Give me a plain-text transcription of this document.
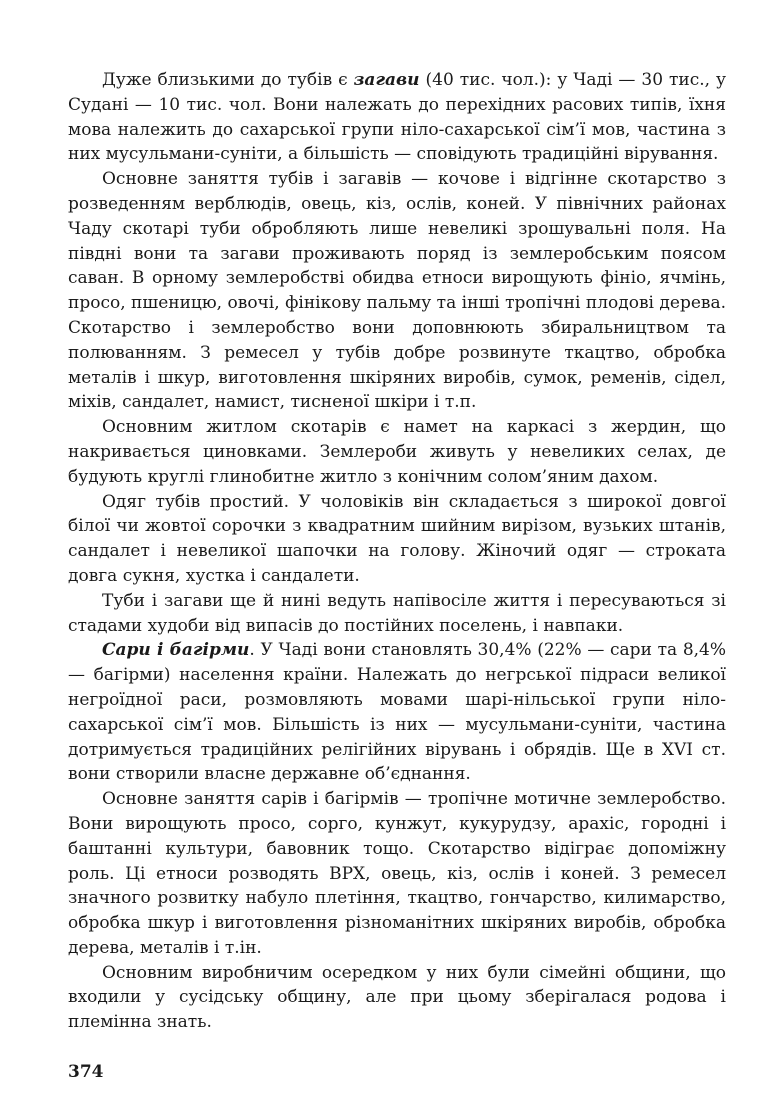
Дуже близькими до тубів є загави (40 тис. чол.): у Чаді — 30 тис., у Судані — 10 тис. чол. Вони належать до перехідних расових типів, їхня мова належить до сахарської групи ніло-сахарської сім’ї мов, частина з них мусульмани-суніти, а більшість — сповідують традиційні вірування.

Основне заняття тубів і загавів — кочове і відгінне скотарство з розведенням верблюдів, овець, кіз, ослів, коней. У північних районах Чаду скотарі туби обробляють лише невеликі зрошувальні поля. На півдні вони та загави проживають поряд із землеробським поясом саван. В орному землеробстві обидва етноси вирощують фініо, ячмінь, просо, пшеницю, овочі, фінікову пальму та інші тропічні плодові дерева. Скотарство і землеробство вони доповнюють збиральництвом та полюванням. З ремесел у тубів добре розвинуте ткацтво, обробка металів і шкур, виготовлення шкіряних виробів, сумок, ременів, сідел, міхів, сандалет, намист, тисненої шкіри і т.п.

Основним житлом скотарів є намет на каркасі з жердин, що накривається циновками. Землероби живуть у невеликих селах, де будують круглі глинобитне житло з конічним солом’яним дахом.

Одяг тубів простий. У чоловіків він складається з широкої довгої білої чи жовтої сорочки з квадратним шийним вирізом, вузьких штанів, сандалет і невеликої шапочки на голову. Жіночий одяг — строката довга сукня, хустка і сандалети.

Туби і загави ще й нині ведуть напівосіле життя і пересуваються зі стадами худоби від випасів до постійних поселень, і навпаки.

Сари і багірми. У Чаді вони становлять 30,4% (22% — сари та 8,4% — багірми) населення країни. Належать до негрської підраси великої негроїдної раси, розмовляють мовами шарі-нільської групи ніло-сахарської сім’ї мов. Більшість із них — мусульмани-суніти, частина дотримується традиційних релігійних вірувань і обрядів. Ще в XVI ст. вони створили власне державне об’єднання.

Основне заняття сарів і багірмів — тропічне мотичне землеробство. Вони вирощують просо, сорго, кунжут, кукурудзу, арахіс, городні і баштанні культури, бавовник тощо. Скотарство відіграє допоміжну роль. Ці етноси розводять ВРХ, овець, кіз, ослів і коней. З ремесел значного розвитку набуло плетіння, ткацтво, гончарство, килимарство, обробка шкур і виготовлення різноманітних шкіряних виробів, обробка дерева, металів і т.ін.

Основним виробничим осередком у них були сімейні общини, що входили у сусідську общину, але при цьому зберігалася родова і племінна знать.

374
